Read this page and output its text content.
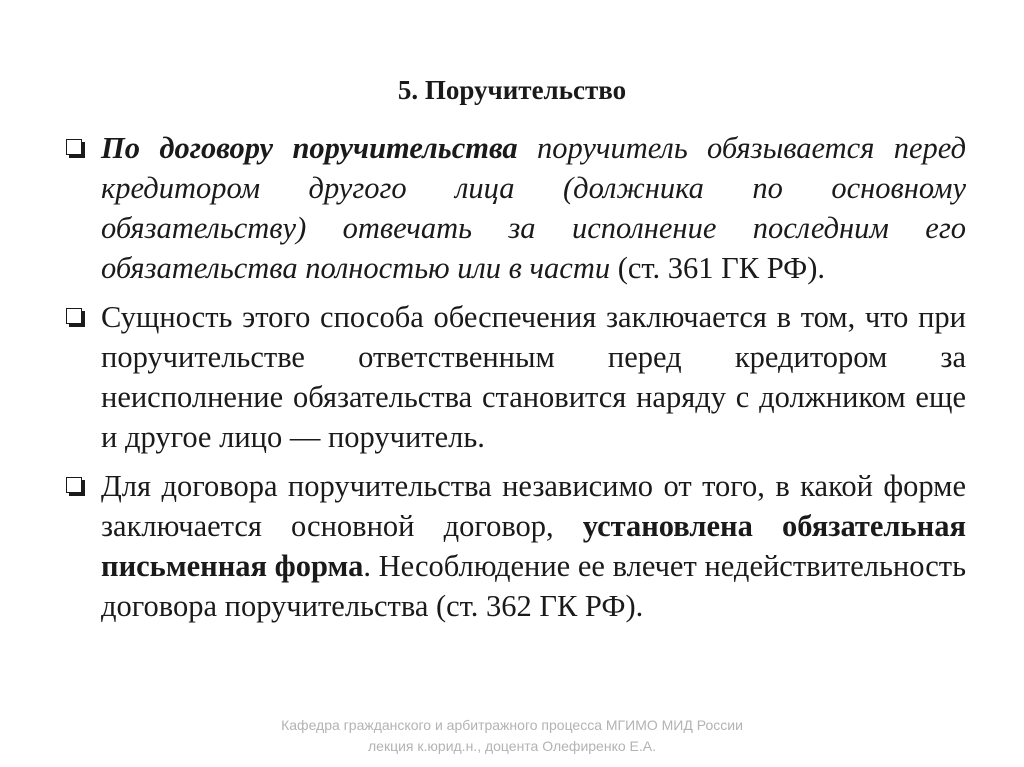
5. Поручительство
По договору поручительства поручитель обязывается перед кредитором другого лица (должника по основному обязательству) отвечать за исполнение последним его обязательства полностью или в части (ст. 361 ГК РФ).
Сущность этого способа обеспечения заключается в том, что при поручительстве ответственным перед кредитором за неисполнение обязательства становится наряду с должником еще и другое лицо — поручитель.
Для договора поручительства независимо от того, в какой форме заключается основной договор, установлена обязательная письменная форма. Несоблюдение ее влечет недействительность договора поручительства (ст. 362 ГК РФ).
Кафедра гражданского и арбитражного процесса МГИМО МИД России
лекция к.юрид.н., доцента Олефиренко Е.А.
